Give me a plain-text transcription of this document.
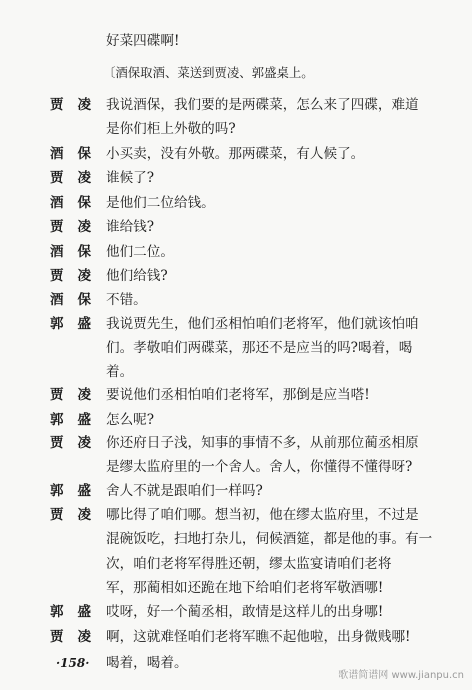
好菜四碟啊!
〔酒保取酒、菜送到贾凌、郭盛桌上。
贾凌 我说酒保，我们要的是两碟菜，怎么来了四碟，难道
是你们柜上外敬的吗?
酒保 小买卖，没有外敬。那两碟菜，有人候了。
贾凌 谁候了?
酒保 是他们二位给钱。
贾凌 谁给钱?
酒保 他们二位。
贾凌 他们给钱?
酒保 不错。
郭盛 我说贾先生，他们丞相怕咱们老将军，他们就该怕咱
们。孝敬咱们两碟菜，那还不是应当的吗?喝着，喝
着。
贾凌 要说他们丞相怕咱们老将军，那倒是应当嗒!
郭盛 怎么呢?
贾凌 你还府日子浅，知事的事情不多，从前那位蔺丞相原
是缪太监府里的一个舍人。舍人，你懂得不懂得呀?
郭盛 舍人不就是跟咱们一样吗?
贾凌 哪比得了咱们哪。想当初，他在缪太监府里，不过是
混碗饭吃，扫地打杂儿，伺候酒筵，都是他的事。有一
次，咱们老将军得胜还朝，缪太监宴请咱们老将
军，那蔺相如还跪在地下给咱们老将军敬酒哪!
郭盛 哎呀，好一个蔺丞相，敢情是这样儿的出身哪!
贾凌 啊，这就难怪咱们老将军瞧不起他啦，出身微贱哪!
喝着，喝着。
·158·
歌谱简谱网 www.jianpu.cn
